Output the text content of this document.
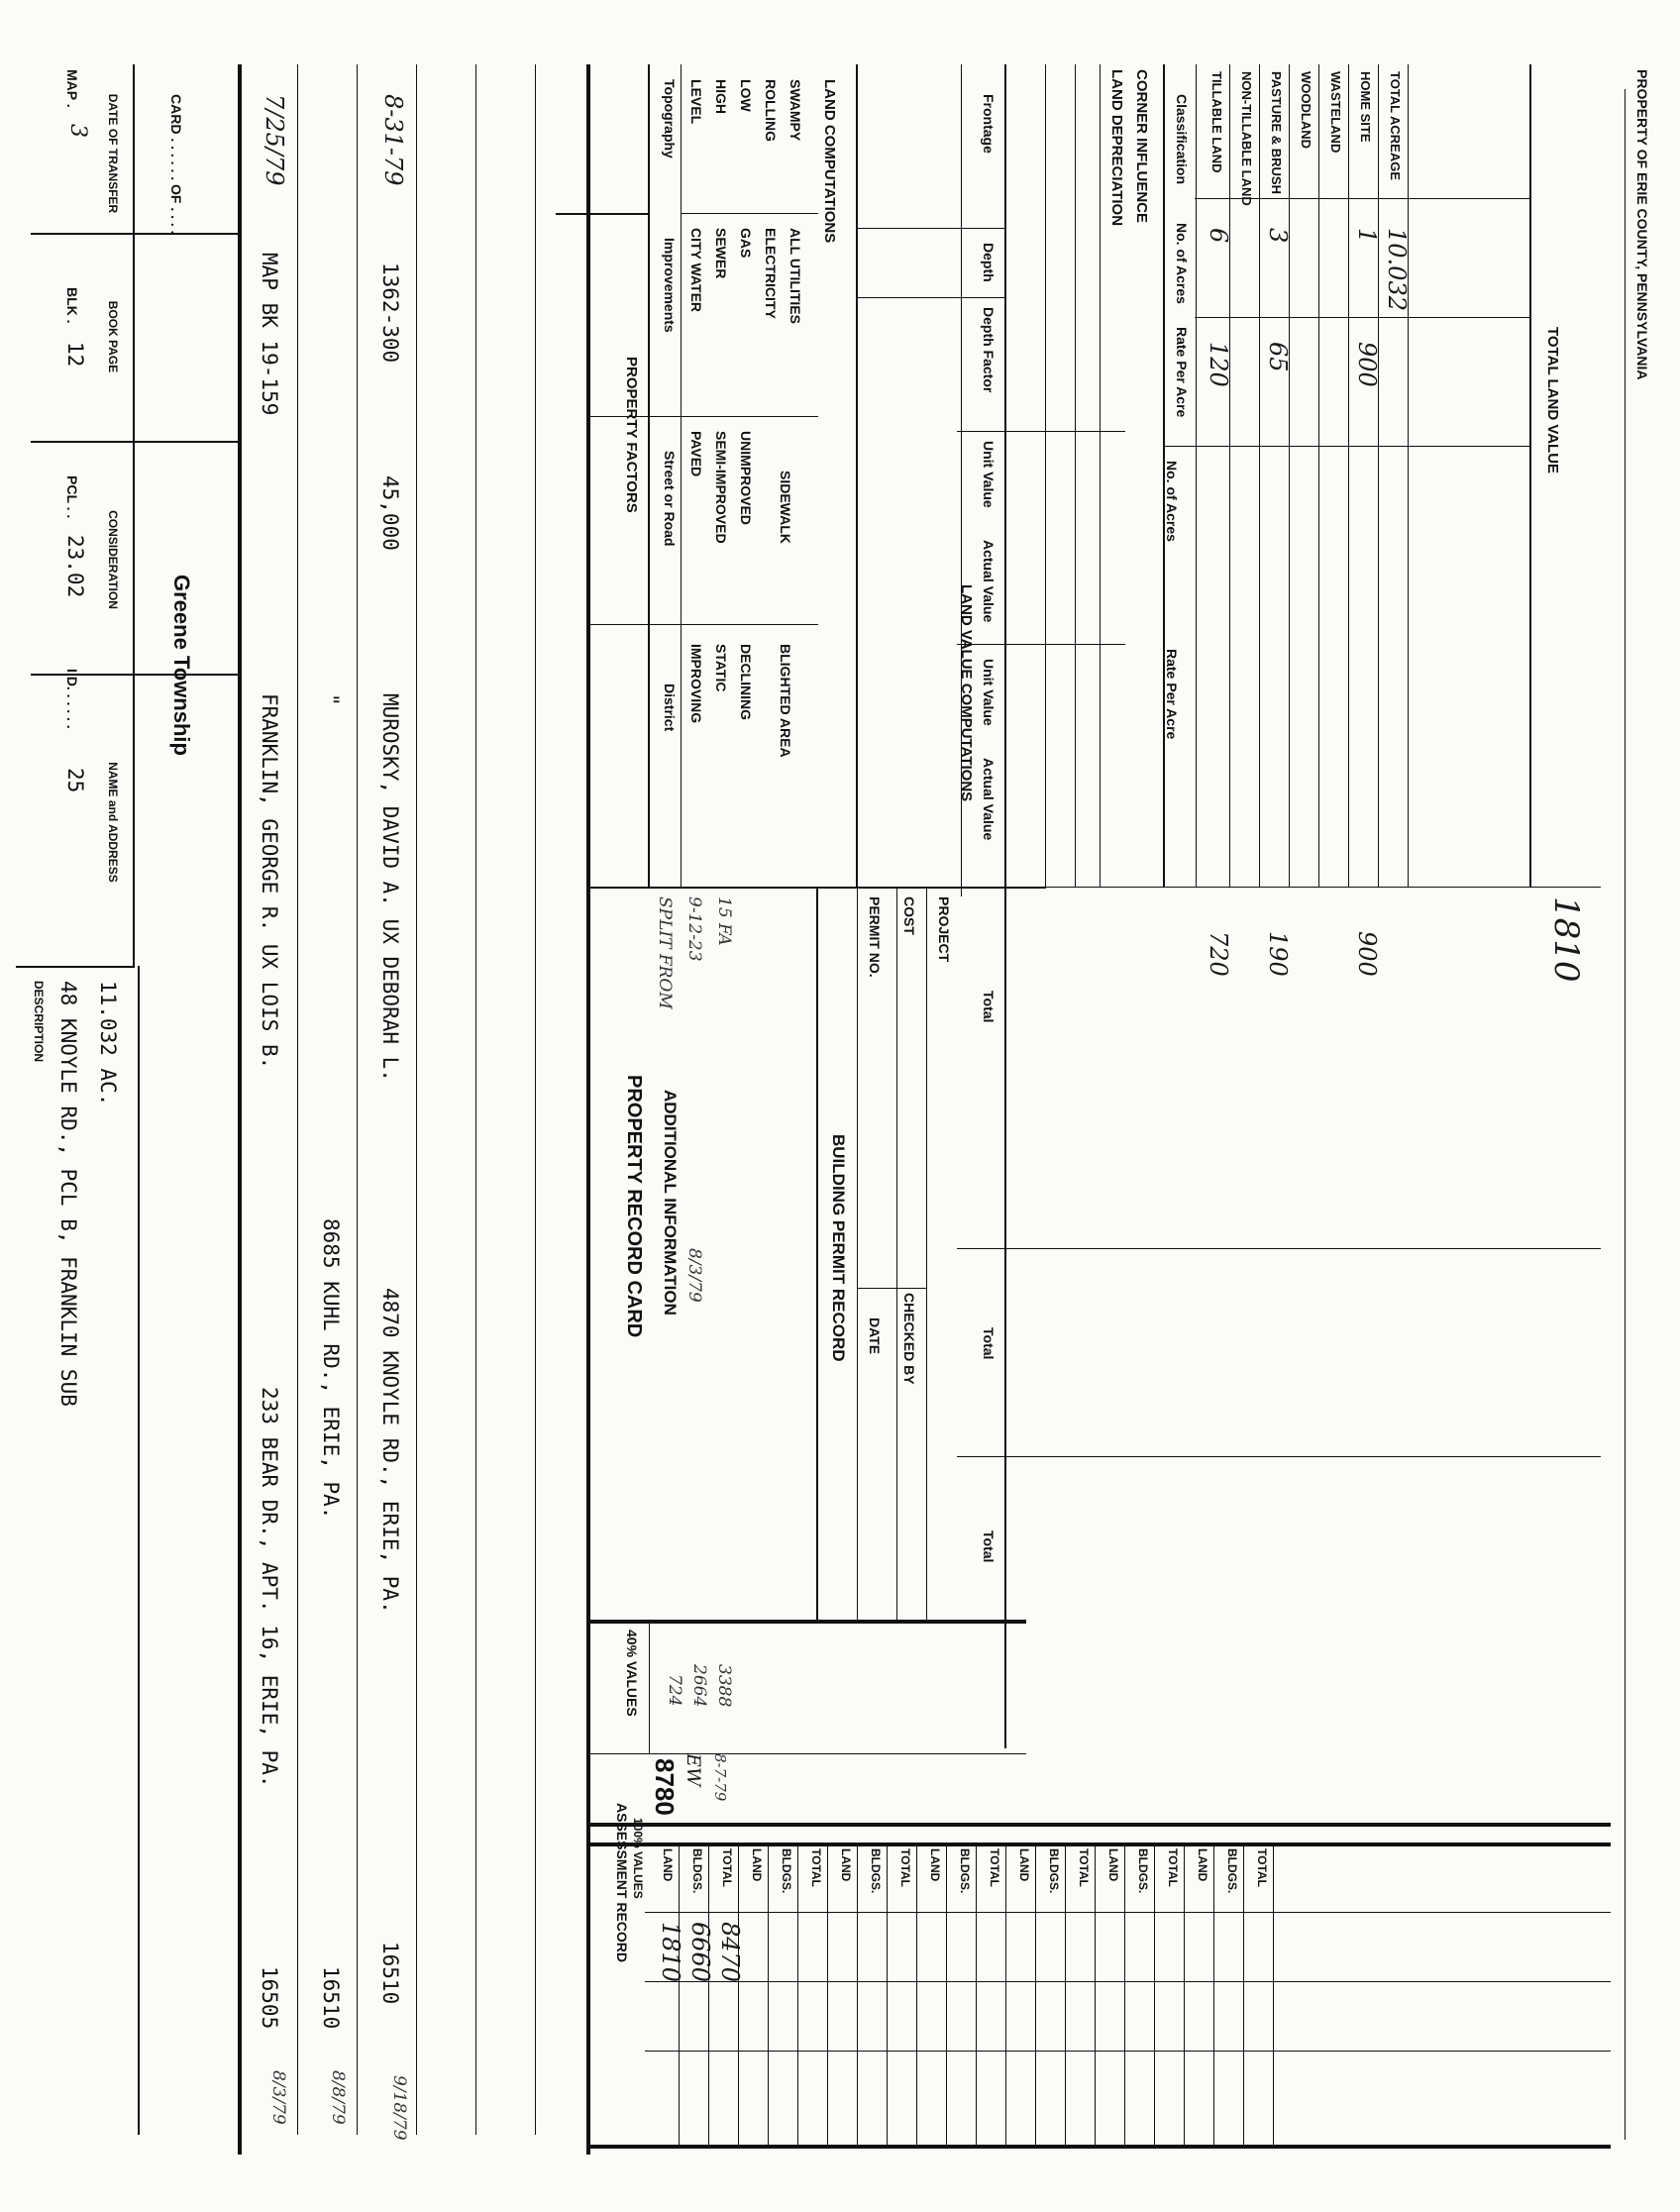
CARD . . . . . . OF . . . .
Greene Township
MAP .
3
BLK .
12
PCL . .
23.02
I.D. . . . . .
25
DESCRIPTION 48 KNOYLE RD., PCL B, FRANKLIN SUB 11.032 AC.
DATE OF TRANSFER
BOOK PAGE
CONSIDERATION
NAME and ADDRESS
7/25/79
MAP BK 19-159
FRANKLIN, GEORGE R. UX LOIS B.
233 BEAR DR., APT. 16, ERIE, PA.
16505
8/3/79
"
8685 KUHL RD., ERIE, PA.
16510
8/8/79
8-31-79
1362-300
45,000
MUROSKY, DAVID A. UX DEBORAH L.
4870 KNOYLE RD., ERIE, PA.
16510
9/18/79
PROPERTY FACTORS
Topography
Improvements
Street or Road
District
LEVEL HIGH LOW ROLLING SWAMPY
CITY WATER SEWER GAS ELECTRICITY ALL UTILITIES
PAVED SEMI-IMPROVED UNIMPROVED SIDEWALK
IMPROVING STATIC DECLINING BLIGHTED AREA
PROPERTY RECORD CARD ADDITIONAL INFORMATION
SPLIT FROM
8/3/79
9-12-23 15 FA
BUILDING PERMIT RECORD
PERMIT NO.
DATE
COST
CHECKED BY
PROJECT
40% VALUES 724 2664 3388
ASSESSMENT RECORD 100% VALUES
EW 8-7-79
8780
1810 6660 8470
LAND BLDGS. TOTAL LAND BLDGS. TOTAL LAND BLDGS. TOTAL LAND BLDGS. TOTAL LAND BLDGS. TOTAL LAND BLDGS. TOTAL LAND BLDGS. TOTAL
LAND COMPUTATIONS	Frontage
Depth
Depth Factor
Unit Value
Actual Value
Unit Value
Actual Value
Total
Total
Total
LAND VALUE COMPUTATIONS
LAND DEPRECIATION CORNER INFLUENCE Classification
No. of Acres
Rate Per Acre
No. of Acres
Rate Per Acre
TILLABLE LAND
6
120
720
NON-TILLABLE LAND PASTURE & BRUSH
3
65
190
WOODLAND WASTELAND HOME SITE
1
900
900
TOTAL ACREAGE
10.032
TOTAL LAND VALUE
1810
PROPERTY OF ERIE COUNTY, PENNSYLVANIA
